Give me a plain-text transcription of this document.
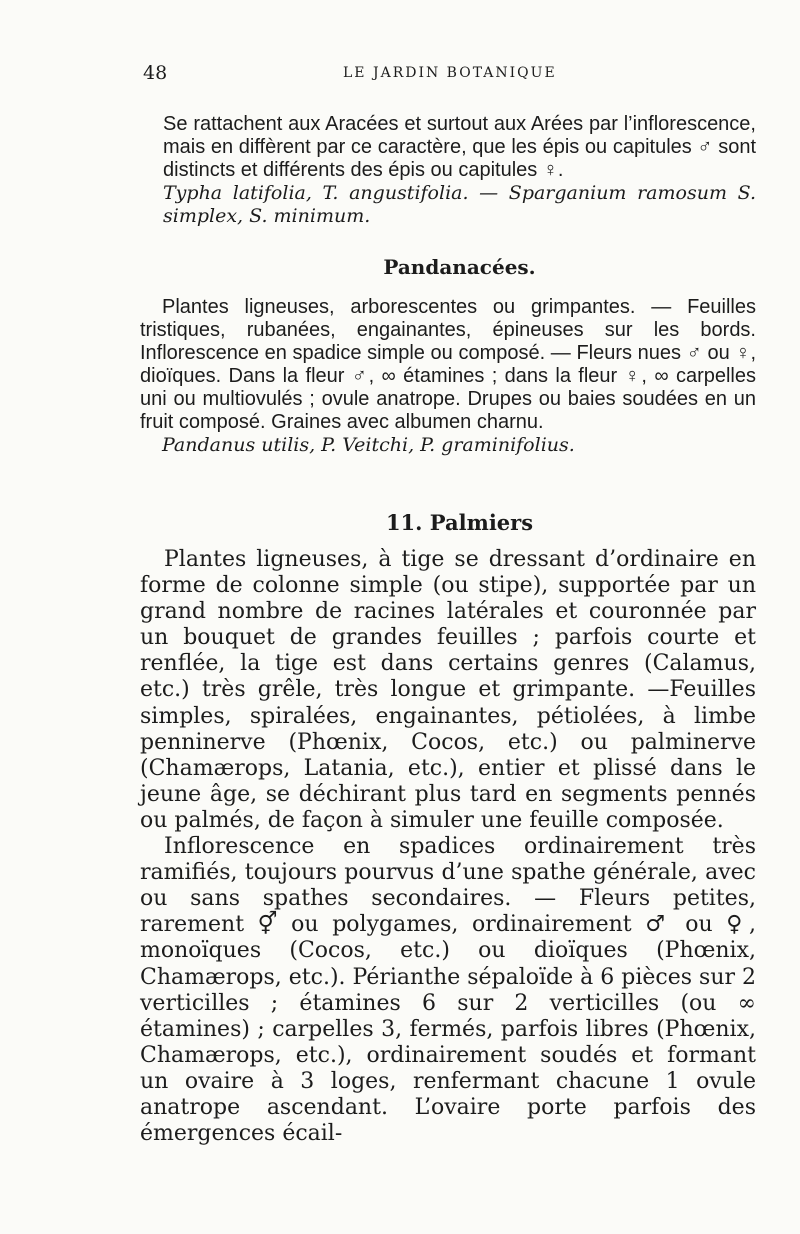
48	LE JARDIN BOTANIQUE

Se rattachent aux Aracées et surtout aux Arées par l’inflorescence, mais en diffèrent par ce caractère, que les épis ou capitules ♂ sont distincts et différents des épis ou capitules ♀.

Typha latifolia, T. angustifolia. — Sparganium ramosum S. simplex, S. minimum.

Pandanacées.

Plantes ligneuses, arborescentes ou grimpantes. — Feuilles tristiques, rubanées, engainantes, épineuses sur les bords. Inflorescence en spadice simple ou composé. — Fleurs nues ♂ ou ♀, dioïques. Dans la fleur ♂, ∞ étamines ; dans la fleur ♀, ∞ carpelles uni ou multiovulés ; ovule anatrope. Drupes ou baies soudées en un fruit composé. Graines avec albumen charnu.

Pandanus utilis, P. Veitchi, P. graminifolius.

11. Palmiers

Plantes ligneuses, à tige se dressant d’ordinaire en forme de colonne simple (ou stipe), supportée par un grand nombre de racines latérales et couronnée par un bouquet de grandes feuilles ; parfois courte et renflée, la tige est dans certains genres (Calamus, etc.) très grêle, très longue et grimpante. —Feuilles simples, spiralées, engainantes, pétiolées, à limbe penninerve (Phœnix, Cocos, etc.) ou palminerve (Chamærops, Latania, etc.), entier et plissé dans le jeune âge, se déchirant plus tard en segments pennés ou palmés, de façon à simuler une feuille composée.

Inflorescence en spadices ordinairement très ramifiés, toujours pourvus d’une spathe générale, avec ou sans spathes secondaires. — Fleurs petites, rarement ⚥ ou polygames, ordinairement ♂ ou ♀, monoïques (Cocos, etc.) ou dioïques (Phœnix, Chamærops, etc.). Périanthe sépaloïde à 6 pièces sur 2 verticilles ; étamines 6 sur 2 verticilles (ou ∞ étamines) ; carpelles 3, fermés, parfois libres (Phœnix, Chamærops, etc.), ordinairement soudés et formant un ovaire à 3 loges, renfermant chacune 1 ovule anatrope ascendant. L’ovaire porte parfois des émergences écail-
